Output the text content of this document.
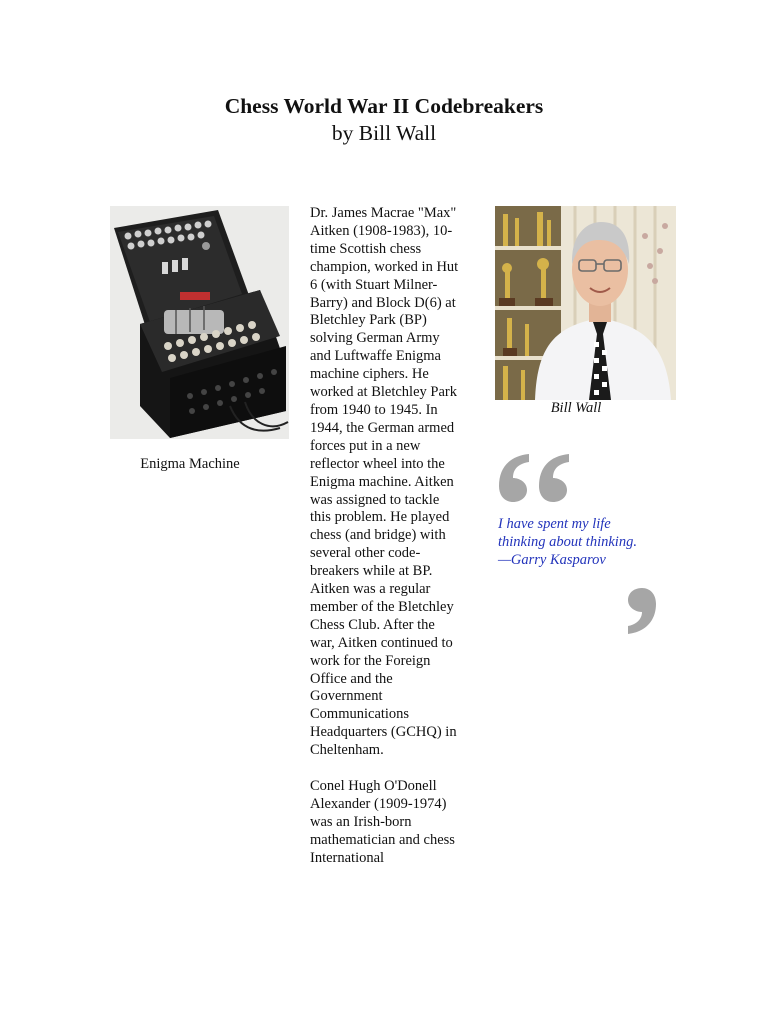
Chess World War II Codebreakers
by Bill Wall
Enigma Machine

Dr. James Macrae "Max" Aitken (1908-1983), 10-time Scottish chess champion, worked in Hut 6 (with Stuart Milner-Barry) and Block D(6) at Bletchley Park (BP) solving German Army and Luftwaffe Enigma machine ciphers. He worked at Bletchley Park from 1940 to 1945. In 1944, the German armed forces put in a new reflector wheel into the Enigma machine. Aitken was assigned to tackle this problem. He played chess (and bridge) with several other code-breakers while at BP. Aitken was a regular member of the Bletchley Chess Club. After the war, Aitken continued to work for the Foreign Office and the Government Communications Headquarters (GCHQ) in Cheltenham.

Conel Hugh O'Donell Alexander (1909-1974) was an Irish-born mathematician and chess International

Bill Wall
I have spent my life
thinking about thinking.
—Garry Kasparov
